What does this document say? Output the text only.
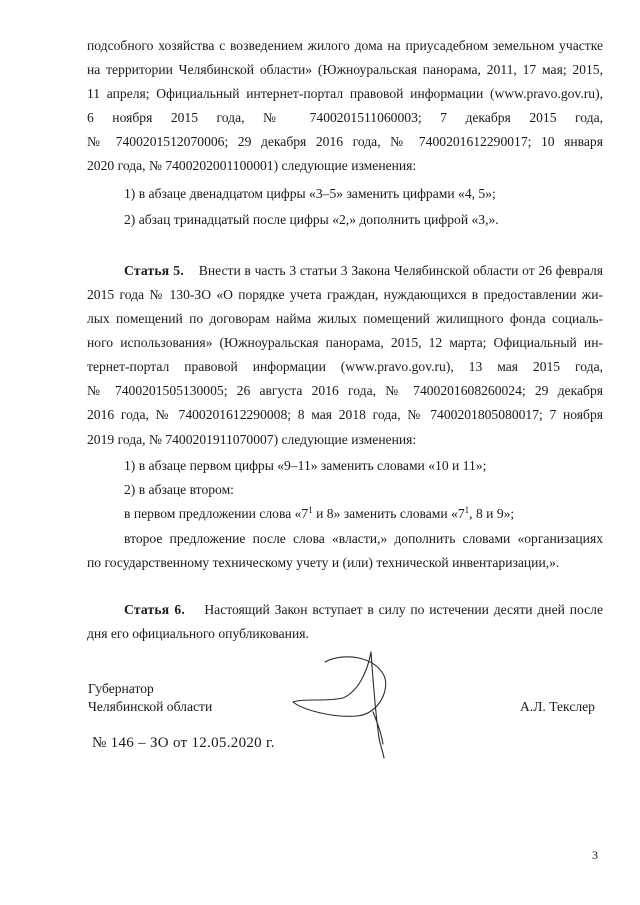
подсобного хозяйства с возведением жилого дома на приусадебном земельном участке

на территории Челябинской области» (Южноуральская панорама, 2011, 17 мая; 2015,

11 апреля; Официальный интернет-портал правовой информации (www.pravo.gov.ru),

6 ноября 2015 года, № 7400201511060003; 7 декабря 2015 года,

№ 7400201512070006; 29 декабря 2016 года, № 7400201612290017; 10 января

2020 года, № 7400202001100001) следующие изменения:

1) в абзаце двенадцатом цифры «3–5» заменить цифрами «4, 5»;

2) абзац тринадцатый после цифры «2,» дополнить цифрой «3,».

Статья 5. Внести в часть 3 статьи 3 Закона Челябинской области от 26 февраля

2015 года № 130-ЗО «О порядке учета граждан, нуждающихся в предоставлении жи-

лых помещений по договорам найма жилых помещений жилищного фонда социаль-

ного использования» (Южноуральская панорама, 2015, 12 марта; Официальный ин-

тернет-портал правовой информации (www.pravo.gov.ru), 13 мая 2015 года,

№ 7400201505130005; 26 августа 2016 года, № 7400201608260024; 29 декабря

2016 года, № 7400201612290008; 8 мая 2018 года, № 7400201805080017; 7 ноября

2019 года, № 7400201911070007) следующие изменения:

1) в абзаце первом цифры «9–11» заменить словами «10 и 11»;

2) в абзаце втором:

в первом предложении слова «$7^1$ и 8» заменить словами «$7^1$, 8 и 9»;

второе предложение после слова «власти,» дополнить словами «организациях

по государственному техническому учету и (или) технической инвентаризации,».

Статья 6. Настоящий Закон вступает в силу по истечении десяти дней после

дня его официального опубликования.

Губернатор
Челябинской области	А.Л. Текслер
№ 146 – ЗО от 12.05.2020 г.
3
